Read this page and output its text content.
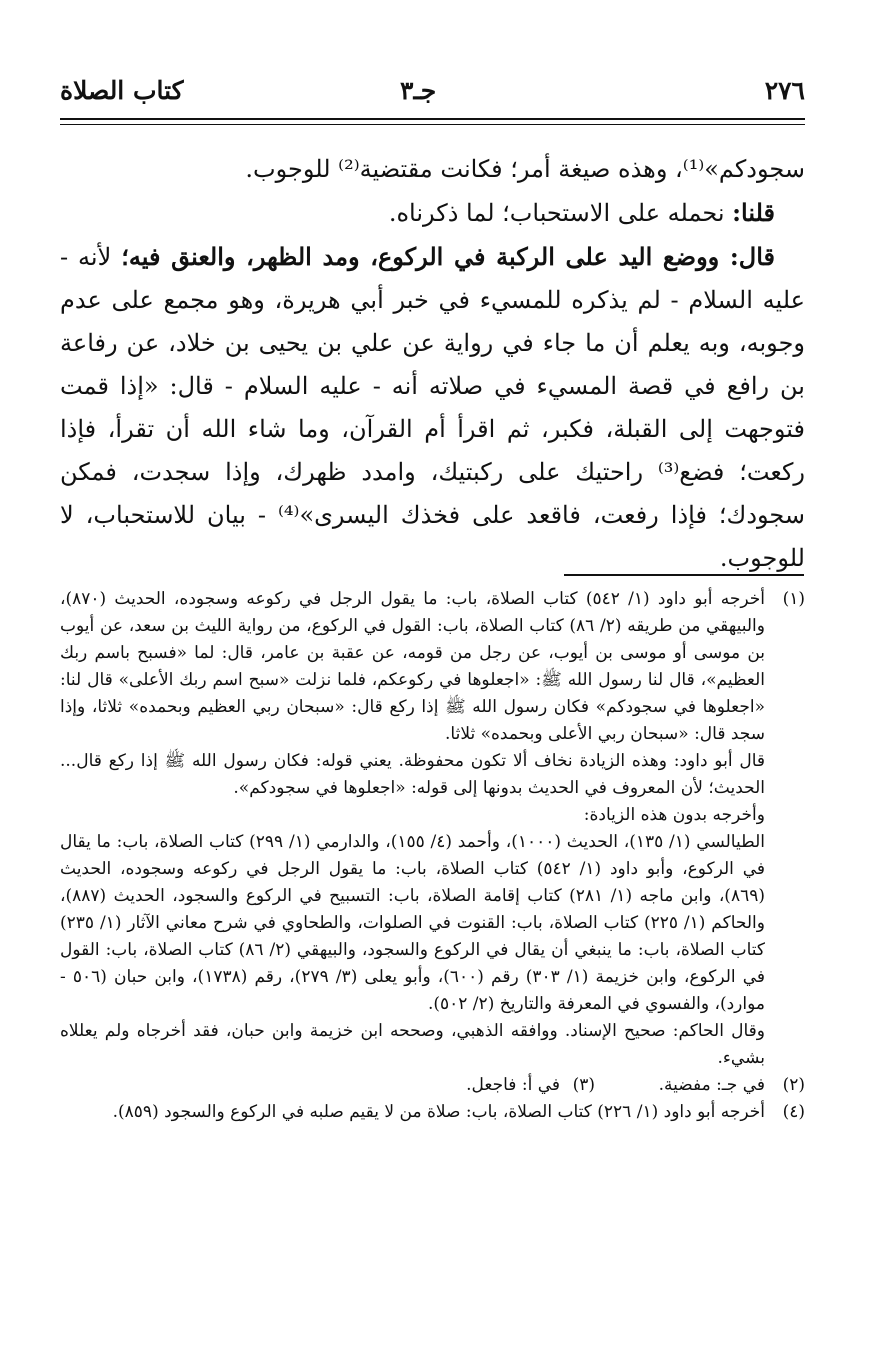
٢٧٦
جـ٣
كتاب الصلاة

سجودكم»⁽¹⁾، وهذه صيغة أمر؛ فكانت مقتضية⁽²⁾ للوجوب.

قلنا: نحمله على الاستحباب؛ لما ذكرناه.

قال: ووضع اليد على الركبة في الركوع، ومد الظهر، والعنق فيه؛ لأنه - عليه السلام - لم يذكره للمسيء في خبر أبي هريرة، وهو مجمع على عدم وجوبه، وبه يعلم أن ما جاء في رواية عن علي بن يحيى بن خلاد، عن رفاعة بن رافع في قصة المسيء في صلاته أنه - عليه السلام - قال: «إذا قمت فتوجهت إلى القبلة، فكبر، ثم اقرأ أم القرآن، وما شاء الله أن تقرأ، فإذا ركعت؛ فضع⁽³⁾ راحتيك على ركبتيك، وامدد ظهرك، وإذا سجدت، فمكن سجودك؛ فإذا رفعت، فاقعد على فخذك اليسرى»⁽⁴⁾ - بيان للاستحباب، لا للوجوب.

(١)

أخرجه أبو داود (١/ ٥٤٢) كتاب الصلاة، باب: ما يقول الرجل في ركوعه وسجوده، الحديث (٨٧٠)، والبيهقي من طريقه (٢/ ٨٦) كتاب الصلاة، باب: القول في الركوع، من رواية الليث بن سعد، عن أيوب بن موسى أو موسى بن أيوب، عن رجل من قومه، عن عقبة بن عامر، قال: لما «فسبح باسم ربك العظيم»، قال لنا رسول الله ﷺ: «اجعلوها في ركوعكم، فلما نزلت «سبح اسم ربك الأعلى» قال لنا: «اجعلوها في سجودكم» فكان رسول الله ﷺ إذا ركع قال: «سبحان ربي العظيم وبحمده» ثلاثا، وإذا سجد قال: «سبحان ربي الأعلى وبحمده» ثلاثا.

قال أبو داود: وهذه الزيادة نخاف ألا تكون محفوظة. يعني قوله: فكان رسول الله ﷺ إذا ركع قال... الحديث؛ لأن المعروف في الحديث بدونها إلى قوله: «اجعلوها في سجودكم».

وأخرجه بدون هذه الزيادة:

الطيالسي (١/ ١٣٥)، الحديث (١٠٠٠)، وأحمد (٤/ ١٥٥)، والدارمي (١/ ٢٩٩) كتاب الصلاة، باب: ما يقال في الركوع، وأبو داود (١/ ٥٤٢) كتاب الصلاة، باب: ما يقول الرجل في ركوعه وسجوده، الحديث (٨٦٩)، وابن ماجه (١/ ٢٨١) كتاب إقامة الصلاة، باب: التسبيح في الركوع والسجود، الحديث (٨٨٧)، والحاكم (١/ ٢٢٥) كتاب الصلاة، باب: القنوت في الصلوات، والطحاوي في شرح معاني الآثار (١/ ٢٣٥) كتاب الصلاة، باب: ما ينبغي أن يقال في الركوع والسجود، والبيهقي (٢/ ٨٦) كتاب الصلاة، باب: القول في الركوع، وابن خزيمة (١/ ٣٠٣) رقم (٦٠٠)، وأبو يعلى (٣/ ٢٧٩)، رقم (١٧٣٨)، وابن حبان (٥٠٦ - موارد)، والفسوي في المعرفة والتاريخ (٢/ ٥٠٢).

وقال الحاكم: صحيح الإسناد. ووافقه الذهبي، وصححه ابن خزيمة وابن حبان، فقد أخرجاه ولم يعللاه بشيء.

(٢)
في جـ: مفضية.
(٣)
في أ: فاجعل.
(٤)

أخرجه أبو داود (١/ ٢٢٦) كتاب الصلاة، باب: صلاة من لا يقيم صلبه في الركوع والسجود (٨٥٩).
